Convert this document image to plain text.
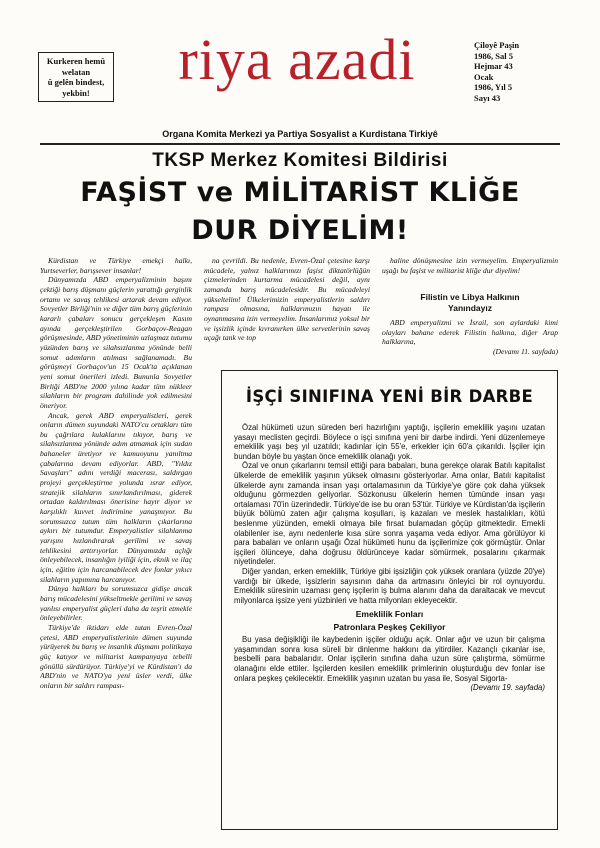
Kurkeren hemû
welatan
û gelên bindest,
yekbin!
riya azadi	Çiloyê Paşin
1986, Sal 5
Hejmar 43
Ocak
1986, Yıl 5
Sayı 43
Organa Komita Merkezi ya Partiya Sosyalist a Kurdistana Tirkiyê
TKSP Merkez Komitesi Bildirisi
FAŞİST ve MİLİTARİST KLİĞE
DUR DİYELİM!

Kürdistan ve Türkiye emekçi halkı, Yurtseverler, barışsever insanlar!

Dünyamızda ABD emperyalizminin başını çektiği barış düşmanı güçlerin yarattığı gerginlik ortamı ve savaş tehlikesi artarak devam ediyor. Sovyetler Birliği'nin ve diğer tüm barış güçlerinin kararlı çabaları sonucu gerçekleşen Kasım ayında gerçekleştirilen Gorbaçov-Reagan görüşmesinde, ABD yönetiminin uzlaşmaz tutumu yüzünden barış ve silahsızlanma yönünde belli somut adımların atılması sağlanamadı. Bu görüşmeyi Gorbaçov'un 15 Ocak'ta açıklanan yeni somut önerileri izledi. Bununla Sovyetler Birliği ABD'ne 2000 yılına kadar tüm nükleer silahların bir program dahilinde yok edilmesini öneriyor.

Ancak, gerek ABD emperyalistleri, gerek onların dümen suyundaki NATO'cu ortakları tüm bu çağrılara kulaklarını tıkıyor, barış ve silahsızlanma yönünde adım atmamak için sudan bahaneler üretiyor ve kamuoyunu yanıltma çabalarına devam ediyorlar. ABD, "Yıldız Savaşları" adını verdiği macerası, saldırgan projeyi gerçekleştirme yolunda ısrar ediyor, stratejik silahların sınırlandırılması, giderek ortadan kaldırılması önerisine hayır diyor ve karşılıklı kuvvet indirimine yanaşmıyor. Bu sorumsuzca tutum tüm halkların çıkarlarına aykırı bir tutumdur. Emperyalistler silahlanma yarışını hızlandırarak gerilimi ve savaş tehlikesini arttırıyorlar. Dünyamızda açlığı önleyebilecek, insanlığın iyiliği için, eknik ve ilaç için, eğitim için harcanabilecek dev fonlar yıkıcı silahların yapımına harcanıyor.

Dünya halkları bu sorumsuzca gidişe ancak barış mücadelesini yükseltmekle gerilimi ve savaş yanlısı emperyalist güçleri daha da teşrit etmekle önleyebilirler.

Türkiye'de iktidarı elde tutan Evren-Özal çetesi, ABD emperyalistlerinin dümen suyunda yürüyerek bu barış ve insanlık düşmanı politikaya güç katıyor ve militarist kampanyaya tebelli gönüllü sürdürüyor. Türkiye'yi ve Kürdistan'ı da ABD'nin ve NATO'ya yeni üsler verdi, ülke onların bir saldırı rampası-

na çevrildi. Bu nedenle, Evren-Özal çetesine karşı mücadele, yalnız halklarımızı faşist diktatörlüğün çizmelerinden kurtarma mücadelesi değil, aynı zamanda barış mücadelesidir. Bu mücadeleyi yükseltelim! Ülkelerimizin emperyalistlerin saldırı rampası olmasına, halklarımızın hayatı ile oynanmasına izin vermeyelim. İnsanlarımız yoksul bir ve işsizlik içinde kıvranırken ülke servetlerinin savaş uçağı tank ve top

haline dönüşmesine izin vermeyelim. Emperyalizmin uşağı bu faşist ve militarist kliğe dur diyelim!

Filistin ve Libya Halkının
Yanındayız

ABD emperyalizmi ve İsrail, son aylardaki kimi olayları bahane ederek Filistin halkına, diğer Arap halklarına,

(Devamı 11. sayfada)
İŞÇİ SINIFINA YENİ BİR DARBE

Özal hükümeti uzun süreden beri hazırlığını yaptığı, işçilerin emeklilik yaşını uzatan yasayı meclisten geçirdi. Böylece o işçi sınıfına yeni bir darbe indirdi. Yeni düzenlemeye emeklilik yaşı beş yıl uzatıldı; kadınlar için 55'e, erkekler için 60'a çıkarıldı. İşçiler için bundan böyle bu yaştan önce emeklilik olanağı yok.

Özal ve onun çıkarlarını temsil ettiği para babaları, buna gerekçe olarak Batılı kapitalist ülkelerde de emeklilik yaşının yüksek olmasını gösteriyorlar. Ama onlar, Batılı kapitalist ülkelerde aynı zamanda insan yaşı ortalamasının da Türkiye'ye göre çok daha yüksek olduğunu görmezden geliyorlar. Sözkonusu ülkelerin hemen tümünde insan yaşı ortalaması 70'in üzerindedir. Türkiye'de ise bu oran 53'tür. Türkiye ve Kürdistan'da işçilerin büyük bölümü zaten ağır çalışma koşulları, iş kazaları ve meslek hastalıkları, kötü beslenme yüzünden, emekli olmaya bile fırsat bulamadan göçüp gitmektedir. Emekli olabilenler ise, aynı nedenlerle kısa süre sonra yaşama veda ediyor. Ama görülüyor ki para babaları ve onların uşağı Özal hükümeti hunu da işçilerimize çok görmüştür. Onlar işçileri ölünceye, daha doğrusu öldürünceye kadar sömürmek, posalarını çıkarmak niyetindeler.

Diğer yandan, erken emeklilik, Türkiye gibi işsizliğin çok yüksek oranlara (yüzde 20'ye) vardığı bir ülkede, işsizlerin sayısının daha da artmasını önleyici bir rol oynuyordu. Emeklilik süresinin uzaması genç işçilerin iş bulma alanını daha da daraltacak ve mevcut milyonlarca işsize yeni yüzbinleri ve hatta milyonları ekleyecektir.

Emeklilik Fonları

Patronlara Peşkeş Çekiliyor

Bu yasa değişikliği ile kaybedenin işçiler olduğu açık. Onlar ağır ve uzun bir çalışma yaşamından sonra kısa süreli bir dinlenme hakkını da yitirdiler. Kazançlı çıkanlar ise, besbelli para babalarıdır. Onlar işçilerin sınıfına daha uzun süre çalıştırma, sömürme olanağını elde ettiler. İşçilerden kesilen emeklilik primlerinin oluşturduğu dev fonlar ise onlara peşkeş çekilecektir. Emeklilik yaşının uzatan bu yasa ile, Sosyal Sigorta-

(Devamı 19. sayfada)
